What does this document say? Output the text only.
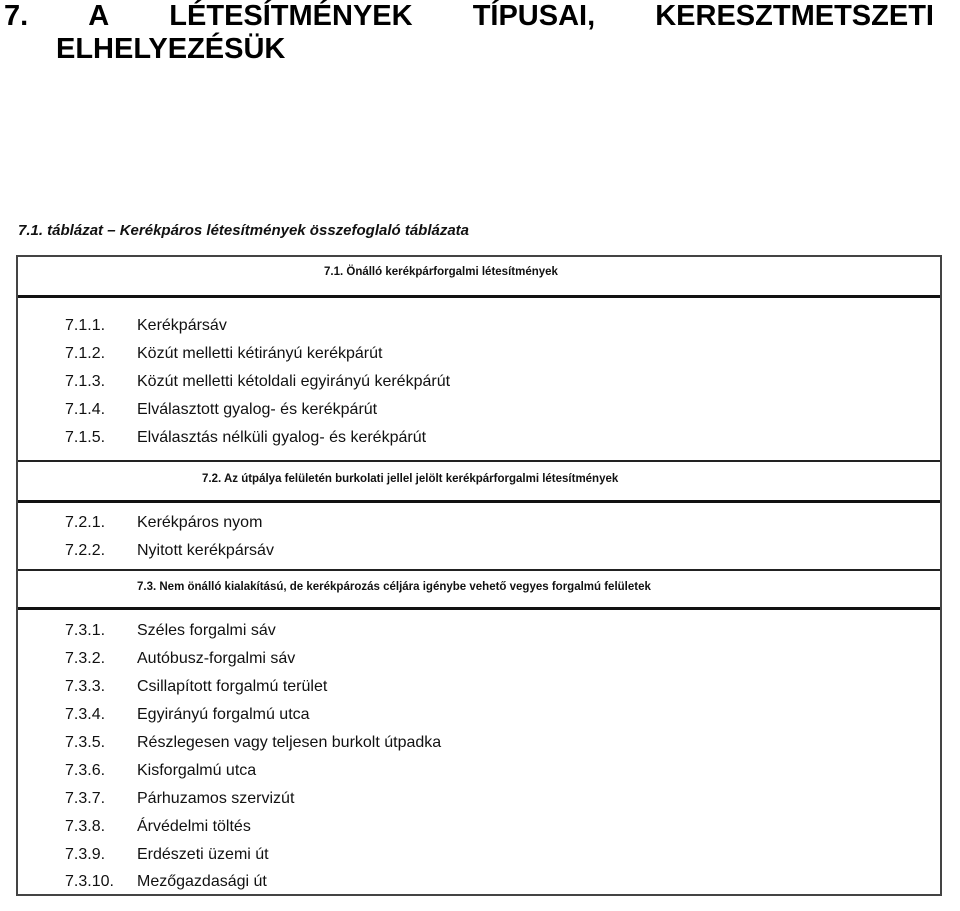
7. A LÉTESÍTMÉNYEK TÍPUSAI, KERESZTMETSZETI
ELHELYEZÉSÜK
7.1. táblázat – Kerékpáros létesítmények összefoglaló táblázata
7.1. Önálló kerékpárforgalmi létesítmények
7.1.1. Kerékpársáv
7.1.2. Közút melletti kétirányú kerékpárút
7.1.3. Közút melletti kétoldali egyirányú kerékpárút
7.1.4. Elválasztott gyalog- és kerékpárút
7.1.5. Elválasztás nélküli gyalog- és kerékpárút
7.2. Az útpálya felületén burkolati jellel jelölt kerékpárforgalmi létesítmények
7.2.1. Kerékpáros nyom
7.2.2. Nyitott kerékpársáv
7.3. Nem önálló kialakítású, de kerékpározás céljára igénybe vehető vegyes forgalmú felületek
7.3.1. Széles forgalmi sáv
7.3.2. Autóbusz-forgalmi sáv
7.3.3. Csillapított forgalmú terület
7.3.4. Egyirányú forgalmú utca
7.3.5. Részlegesen vagy teljesen burkolt útpadka
7.3.6. Kisforgalmú utca
7.3.7. Párhuzamos szervizút
7.3.8. Árvédelmi töltés
7.3.9. Erdészeti üzemi út
7.3.10. Mezőgazdasági út
